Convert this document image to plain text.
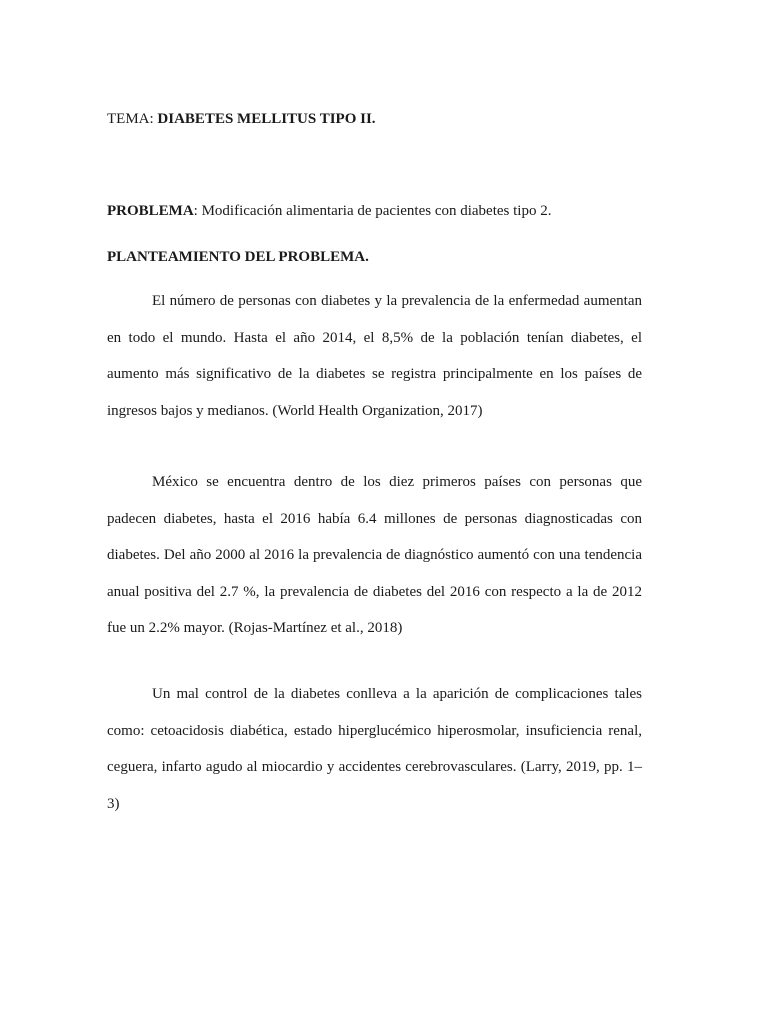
TEMA: DIABETES MELLITUS TIPO II.
PROBLEMA: Modificación alimentaria de pacientes con diabetes tipo 2.
PLANTEAMIENTO DEL PROBLEMA.

El número de personas con diabetes y la prevalencia de la enfermedad aumentan en todo el mundo. Hasta el año 2014, el 8,5% de la población tenían diabetes, el aumento más significativo de la diabetes se registra principalmente en los países de ingresos bajos y medianos. (World Health Organization, 2017)

México se encuentra dentro de los diez primeros países con personas que padecen diabetes, hasta el 2016 había 6.4 millones de personas diagnosticadas con diabetes. Del año 2000 al 2016 la prevalencia de diagnóstico aumentó con una tendencia anual positiva del 2.7 %, la prevalencia de diabetes del 2016 con respecto a la de 2012 fue un 2.2% mayor. (Rojas-Martínez et al., 2018)

Un mal control de la diabetes conlleva a la aparición de complicaciones tales como: cetoacidosis diabética, estado hiperglucémico hiperosmolar, insuficiencia renal, ceguera, infarto agudo al miocardio y accidentes cerebrovasculares. (Larry, 2019, pp. 1–3)
